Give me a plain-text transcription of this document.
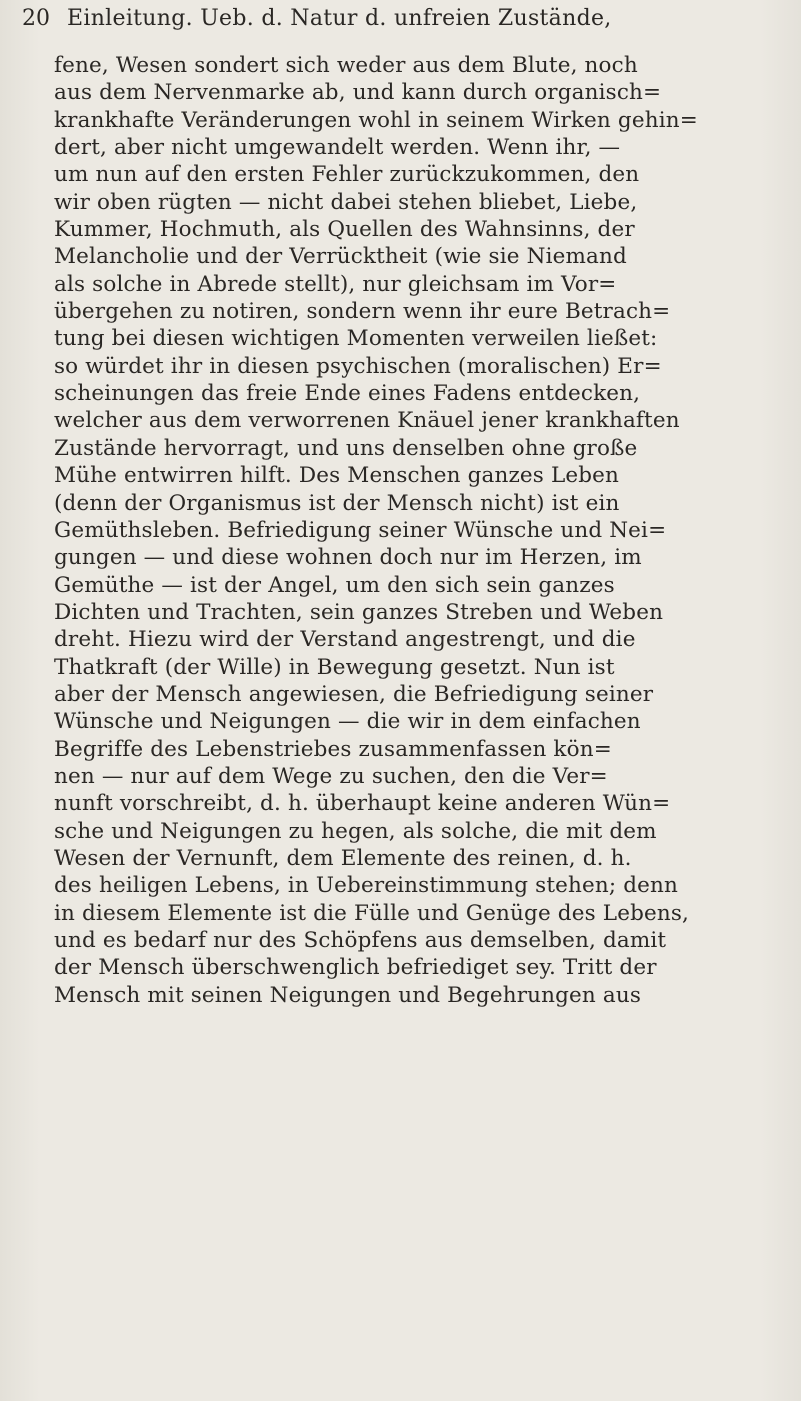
20 Einleitung. Ueb. d. Natur d. unfreien Zustände,
fene, Wesen sondert sich weder aus dem Blute, noch
aus dem Nervenmarke ab, und kann durch organisch=
krankhafte Veränderungen wohl in seinem Wirken gehin=
dert, aber nicht umgewandelt werden. Wenn ihr, —
um nun auf den ersten Fehler zurückzukommen, den
wir oben rügten — nicht dabei stehen bliebet, Liebe,
Kummer, Hochmuth, als Quellen des Wahnsinns, der
Melancholie und der Verrücktheit (wie sie Niemand
als solche in Abrede stellt), nur gleichsam im Vor=
übergehen zu notiren, sondern wenn ihr eure Betrach=
tung bei diesen wichtigen Momenten verweilen ließet:
so würdet ihr in diesen psychischen (moralischen) Er=
scheinungen das freie Ende eines Fadens entdecken,
welcher aus dem verworrenen Knäuel jener krankhaften
Zustände hervorragt, und uns denselben ohne große
Mühe entwirren hilft. Des Menschen ganzes Leben
(denn der Organismus ist der Mensch nicht) ist ein
Gemüthsleben. Befriedigung seiner Wünsche und Nei=
gungen — und diese wohnen doch nur im Herzen, im
Gemüthe — ist der Angel, um den sich sein ganzes
Dichten und Trachten, sein ganzes Streben und Weben
dreht. Hiezu wird der Verstand angestrengt, und die
Thatkraft (der Wille) in Bewegung gesetzt. Nun ist
aber der Mensch angewiesen, die Befriedigung seiner
Wünsche und Neigungen — die wir in dem einfachen
Begriffe des Lebenstriebes zusammenfassen kön=
nen — nur auf dem Wege zu suchen, den die Ver=
nunft vorschreibt, d. h. überhaupt keine anderen Wün=
sche und Neigungen zu hegen, als solche, die mit dem
Wesen der Vernunft, dem Elemente des reinen, d. h.
des heiligen Lebens, in Uebereinstimmung stehen; denn
in diesem Elemente ist die Fülle und Genüge des Lebens,
und es bedarf nur des Schöpfens aus demselben, damit
der Mensch überschwenglich befriediget sey. Tritt der
Mensch mit seinen Neigungen und Begehrungen aus
